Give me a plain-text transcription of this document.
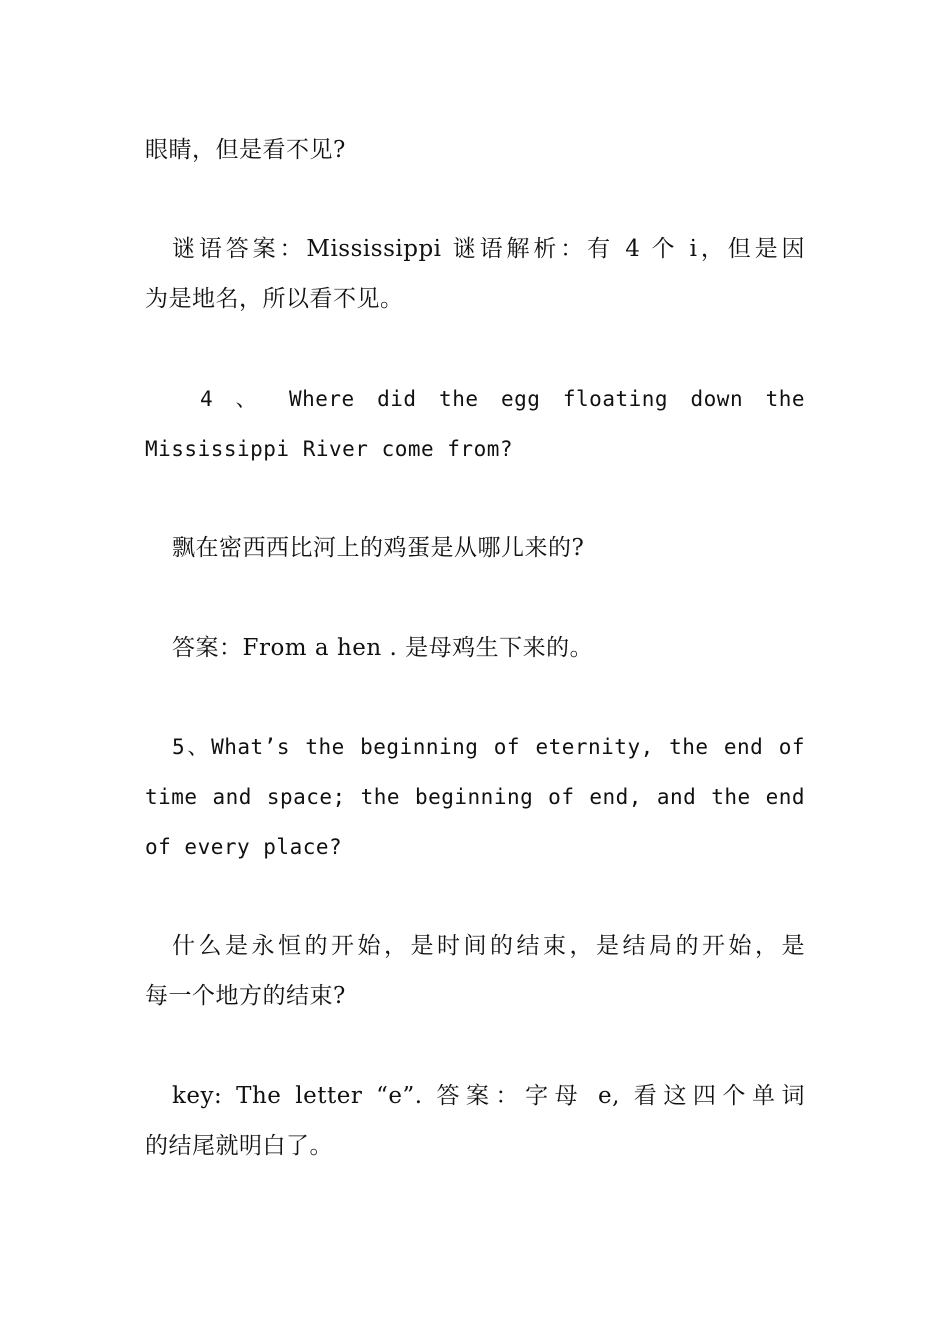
眼睛，但是看不见?
谜语答案：Mississippi 谜语解析：有 4 个 i，但是因
为是地名，所以看不见。
4 、 Where did the egg floating down the
Mississippi River come from?
飘在密西西比河上的鸡蛋是从哪儿来的?
答案：From a hen . 是母鸡生下来的。
5、What’s the beginning of eternity, the end of
time and space; the beginning of end, and the end
of every place?
什么是永恒的开始，是时间的结束，是结局的开始，是
每一个地方的结束?
key: The letter “e”. 答案：字母 e, 看这四个单词
的结尾就明白了。
